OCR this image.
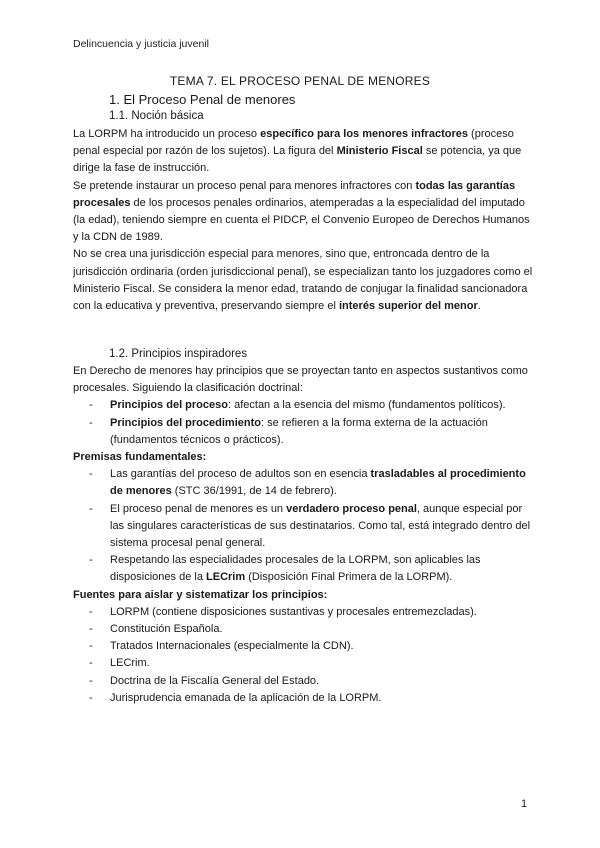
Delincuencia y justicia juvenil
TEMA 7. EL PROCESO PENAL DE MENORES
1. El Proceso Penal de menores
1.1. Noción básica

La LORPM ha introducido un proceso específico para los menores infractores (proceso penal especial por razón de los sujetos). La figura del Ministerio Fiscal se potencia, ya que dirige la fase de instrucción.

Se pretende instaurar un proceso penal para menores infractores con todas las garantías procesales de los procesos penales ordinarios, atemperadas a la especialidad del imputado (la edad), teniendo siempre en cuenta el PIDCP, el Convenio Europeo de Derechos Humanos y la CDN de 1989.

No se crea una jurisdicción especial para menores, sino que, entroncada dentro de la jurisdicción ordinaria (orden jurisdiccional penal), se especializan tanto los juzgadores como el Ministerio Fiscal. Se considera la menor edad, tratando de conjugar la finalidad sancionadora con la educativa y preventiva, preservando siempre el interés superior del menor.

1.2. Principios inspiradores

En Derecho de menores hay principios que se proyectan tanto en aspectos sustantivos como procesales. Siguiendo la clasificación doctrinal:

- Principios del proceso: afectan a la esencia del mismo (fundamentos políticos).
- Principios del procedimiento: se refieren a la forma externa de la actuación (fundamentos técnicos o prácticos).

Premisas fundamentales:

- Las garantías del proceso de adultos son en esencia trasladables al procedimiento de menores (STC 36/1991, de 14 de febrero).
- El proceso penal de menores es un verdadero proceso penal, aunque especial por las singulares características de sus destinatarios. Como tal, está integrado dentro del sistema procesal penal general.
- Respetando las especialidades procesales de la LORPM, son aplicables las disposiciones de la LECrim (Disposición Final Primera de la LORPM).

Fuentes para aislar y sistematizar los principios:

- LORPM (contiene disposiciones sustantivas y procesales entremezcladas).
- Constitución Española.
- Tratados Internacionales (especialmente la CDN).
- LECrim.
- Doctrina de la Fiscalía General del Estado.
- Jurisprudencia emanada de la aplicación de la LORPM.
1
